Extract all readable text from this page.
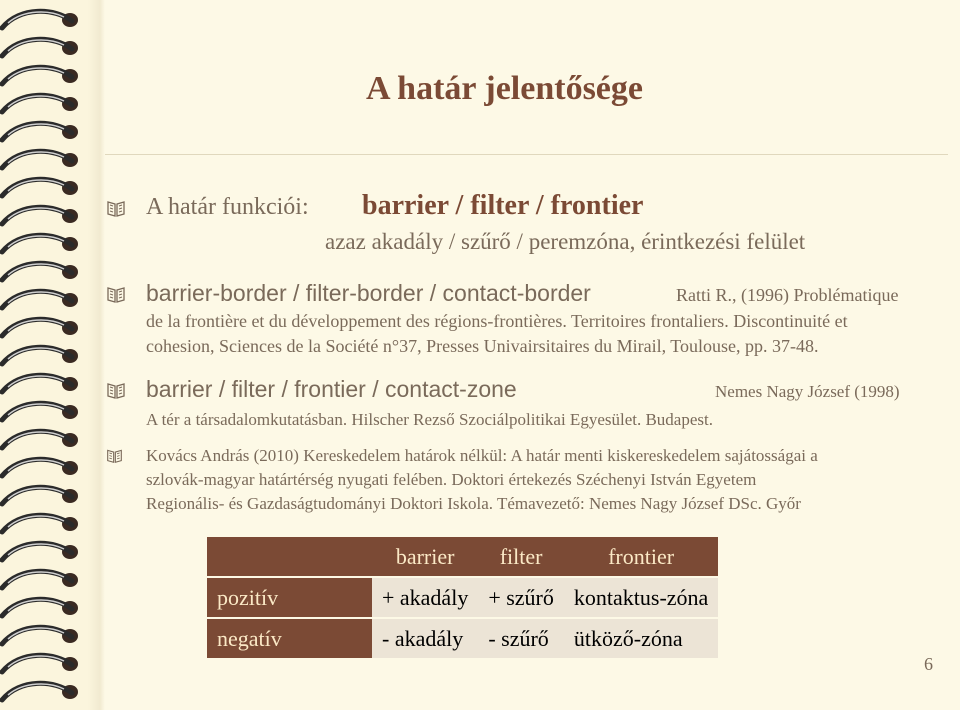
A határ jelentősége
A határ funkciói: barrier / filter / frontier
azaz akadály / szűrő / peremzóna, érintkezési felület
barrier-border / filter-border / contact-border	Ratti R., (1996) Problématique
de la frontière et du développement des régions-frontières. Territoires frontaliers. Discontinuité et
cohesion, Sciences de la Société n°37, Presses Univairsitaires du Mirail, Toulouse, pp. 37-48.
barrier / filter / frontier / contact-zone	Nemes Nagy József (1998)
A tér a társadalomkutatásban. Hilscher Rezső Szociálpolitikai Egyesület. Budapest.
Kovács András (2010) Kereskedelem határok nélkül: A határ menti kiskereskedelem sajátosságai a
szlovák-magyar határtérség nyugati felében. Doktori értekezés Széchenyi István Egyetem
Regionális- és Gazdaságtudományi Doktori Iskola. Témavezető: Nemes Nagy József DSc. Győr
	barrier	filter	frontier
pozitív	+ akadály	+ szűrő	kontaktus-zóna
negatív	- akadály	- szűrő	ütköző-zóna
6
